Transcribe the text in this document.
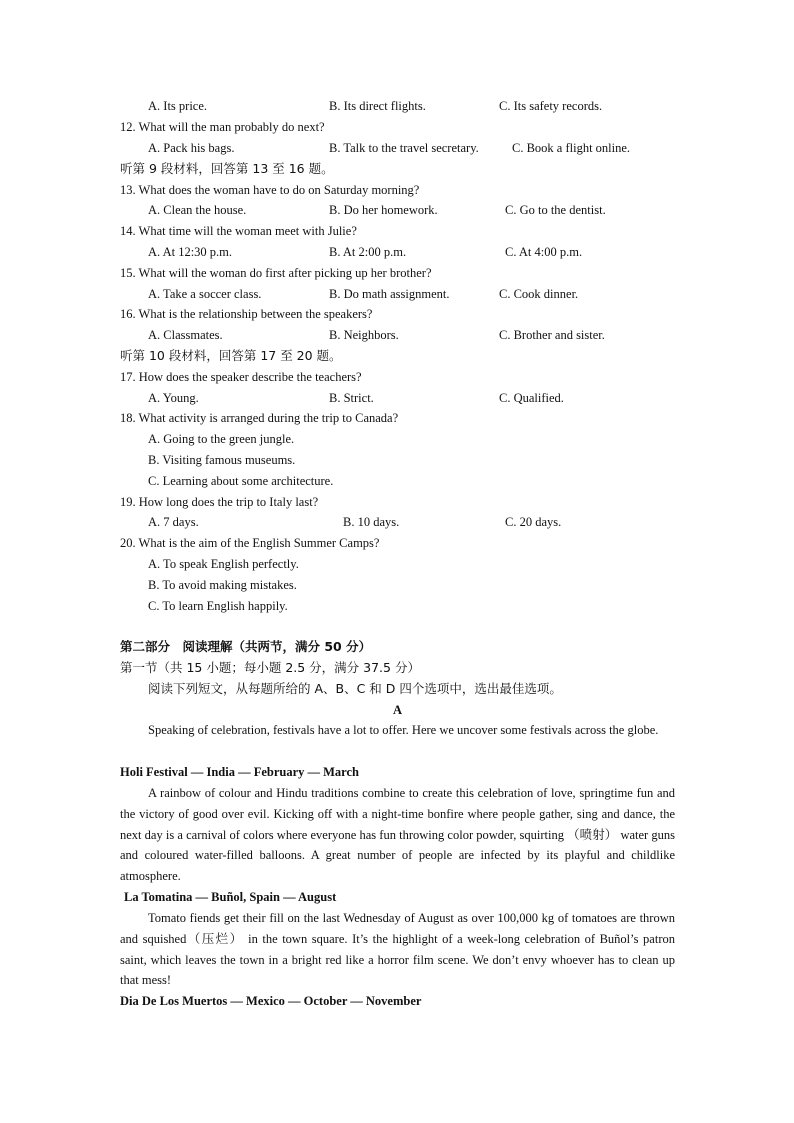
A. Its price.	B. Its direct flights.	C. Its safety records.
12. What will the man probably do next?
A. Pack his bags.	B. Talk to the travel secretary.	C. Book a flight online.
听第 9 段材料，回答第 13 至 16 题。
13. What does the woman have to do on Saturday morning?
A. Clean the house.	B. Do her homework.	C. Go to the dentist.
14. What time will the woman meet with Julie?
A. At 12:30 p.m.	B. At 2:00 p.m.	C. At 4:00 p.m.
15. What will the woman do first after picking up her brother?
A. Take a soccer class.	B. Do math assignment.	C. Cook dinner.
16. What is the relationship between the speakers?
A. Classmates.	B. Neighbors.	C. Brother and sister.
听第 10 段材料，回答第 17 至 20 题。
17. How does the speaker describe the teachers?
A. Young.	B. Strict.	C. Qualified.
18. What activity is arranged during the trip to Canada?
A. Going to the green jungle.
B. Visiting famous museums.
C. Learning about some architecture.
19. How long does the trip to Italy last?
A. 7 days.	B. 10 days.	C. 20 days.
20. What is the aim of the English Summer Camps?
A. To speak English perfectly.
B. To avoid making mistakes.
C. To learn English happily.
第二部分　阅读理解（共两节，满分 50 分）
第一节（共 15 小题；每小题 2.5 分，满分 37.5 分）
阅读下列短文，从每题所给的 A、B、C 和 D 四个选项中，选出最佳选项。
A
Speaking of celebration, festivals have a lot to offer. Here we uncover some festivals across the globe.
Holi Festival — India — February — March
A rainbow of colour and Hindu traditions combine to create this celebration of love, springtime fun and the victory of good over evil. Kicking off with a night-time bonfire where people gather, sing and dance, the next day is a carnival of colors where everyone has fun throwing color powder, squirting （喷射） water guns and coloured water-filled balloons. A great number of people are infected by its playful and childlike atmosphere.
La Tomatina — Buñol, Spain — August
Tomato fiends get their fill on the last Wednesday of August as over 100,000 kg of tomatoes are thrown and squished（压烂） in the town square. It’s the highlight of a week-long celebration of Buñol’s patron saint, which leaves the town in a bright red like a horror film scene. We don’t envy whoever has to clean up that mess!
Dia De Los Muertos — Mexico — October — November
